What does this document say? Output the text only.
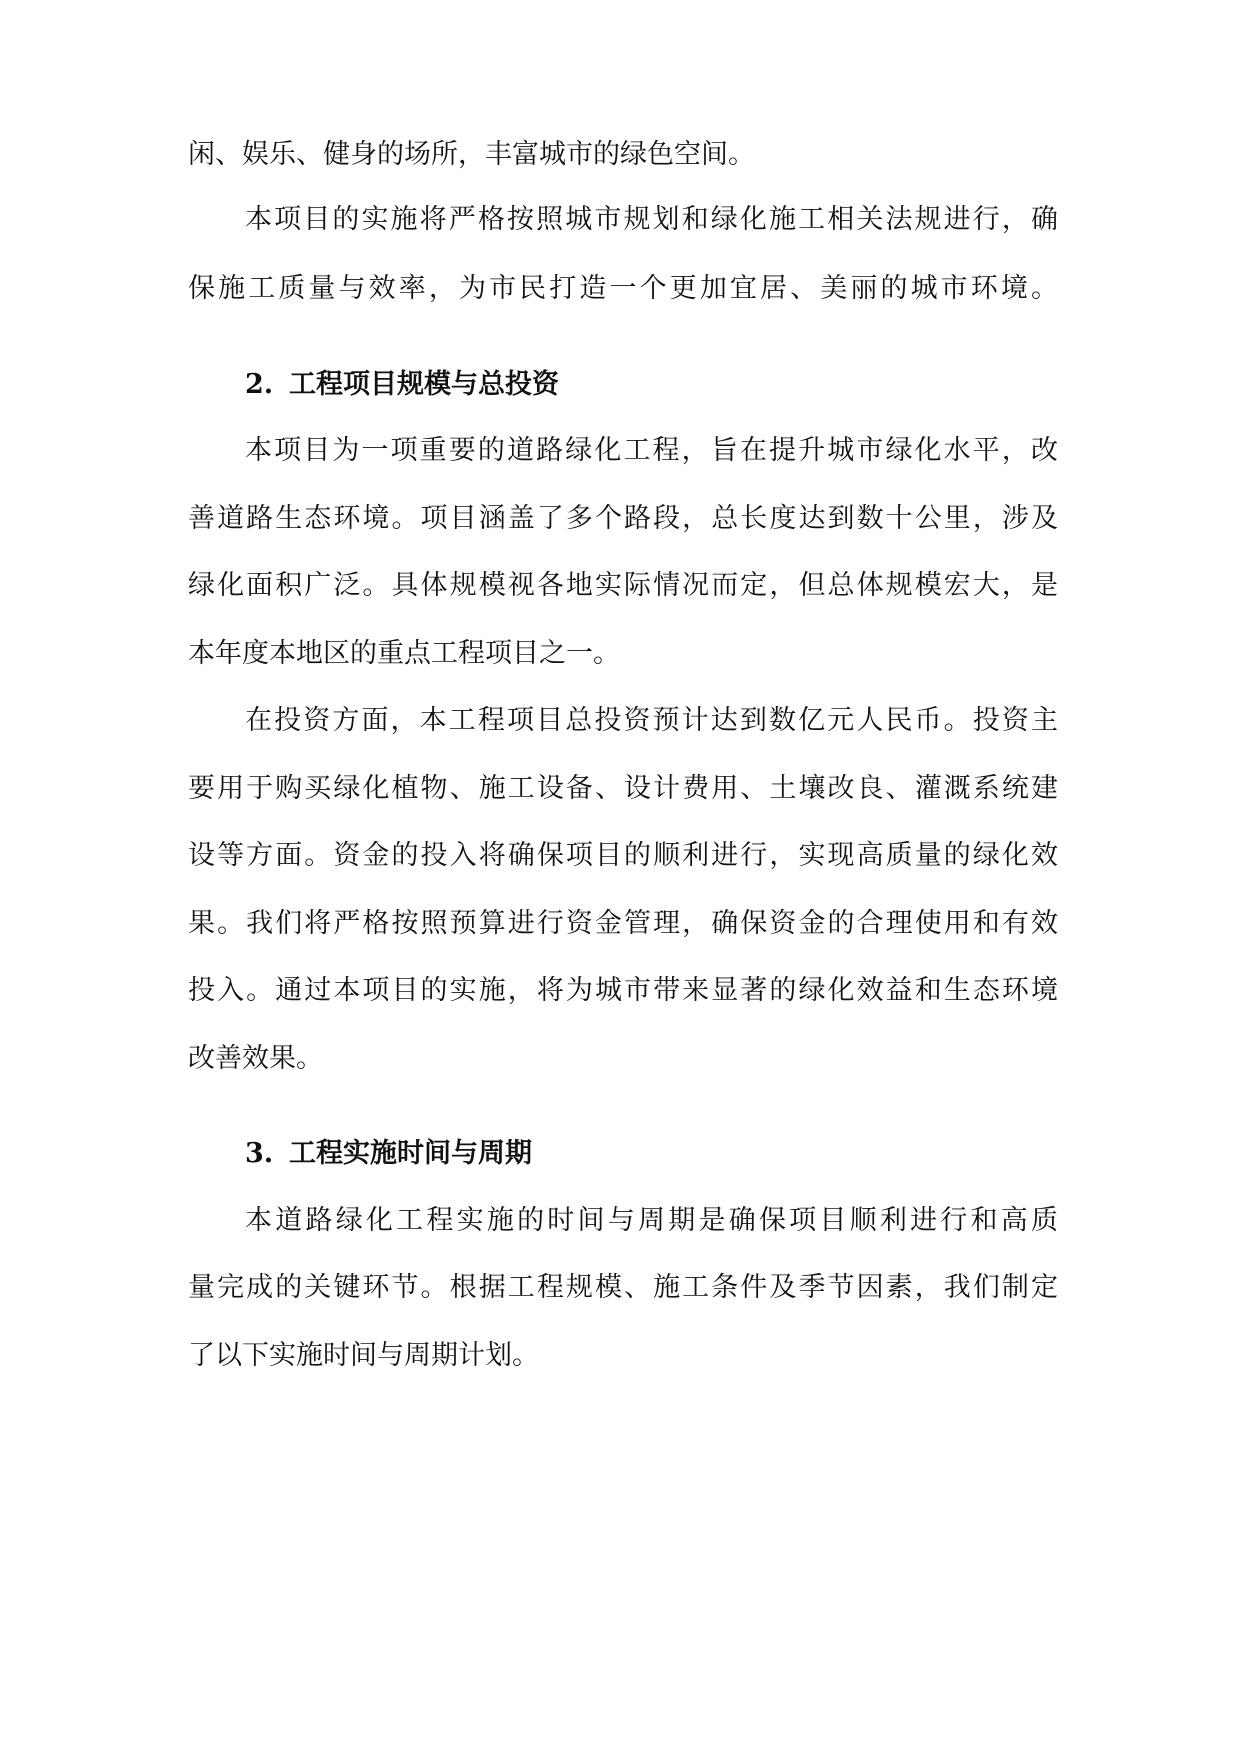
闲、娱乐、健身的场所，丰富城市的绿色空间。

本项目的实施将严格按照城市规划和绿化施工相关法规进行，确

保施工质量与效率，为市民打造一个更加宜居、美丽的城市环境。

2. 工程项目规模与总投资

本项目为一项重要的道路绿化工程，旨在提升城市绿化水平，改

善道路生态环境。项目涵盖了多个路段，总长度达到数十公里，涉及

绿化面积广泛。具体规模视各地实际情况而定，但总体规模宏大，是

本年度本地区的重点工程项目之一。

在投资方面，本工程项目总投资预计达到数亿元人民币。投资主

要用于购买绿化植物、施工设备、设计费用、土壤改良、灌溉系统建

设等方面。资金的投入将确保项目的顺利进行，实现高质量的绿化效

果。我们将严格按照预算进行资金管理，确保资金的合理使用和有效

投入。通过本项目的实施，将为城市带来显著的绿化效益和生态环境

改善效果。

3. 工程实施时间与周期

本道路绿化工程实施的时间与周期是确保项目顺利进行和高质

量完成的关键环节。根据工程规模、施工条件及季节因素，我们制定

了以下实施时间与周期计划。
